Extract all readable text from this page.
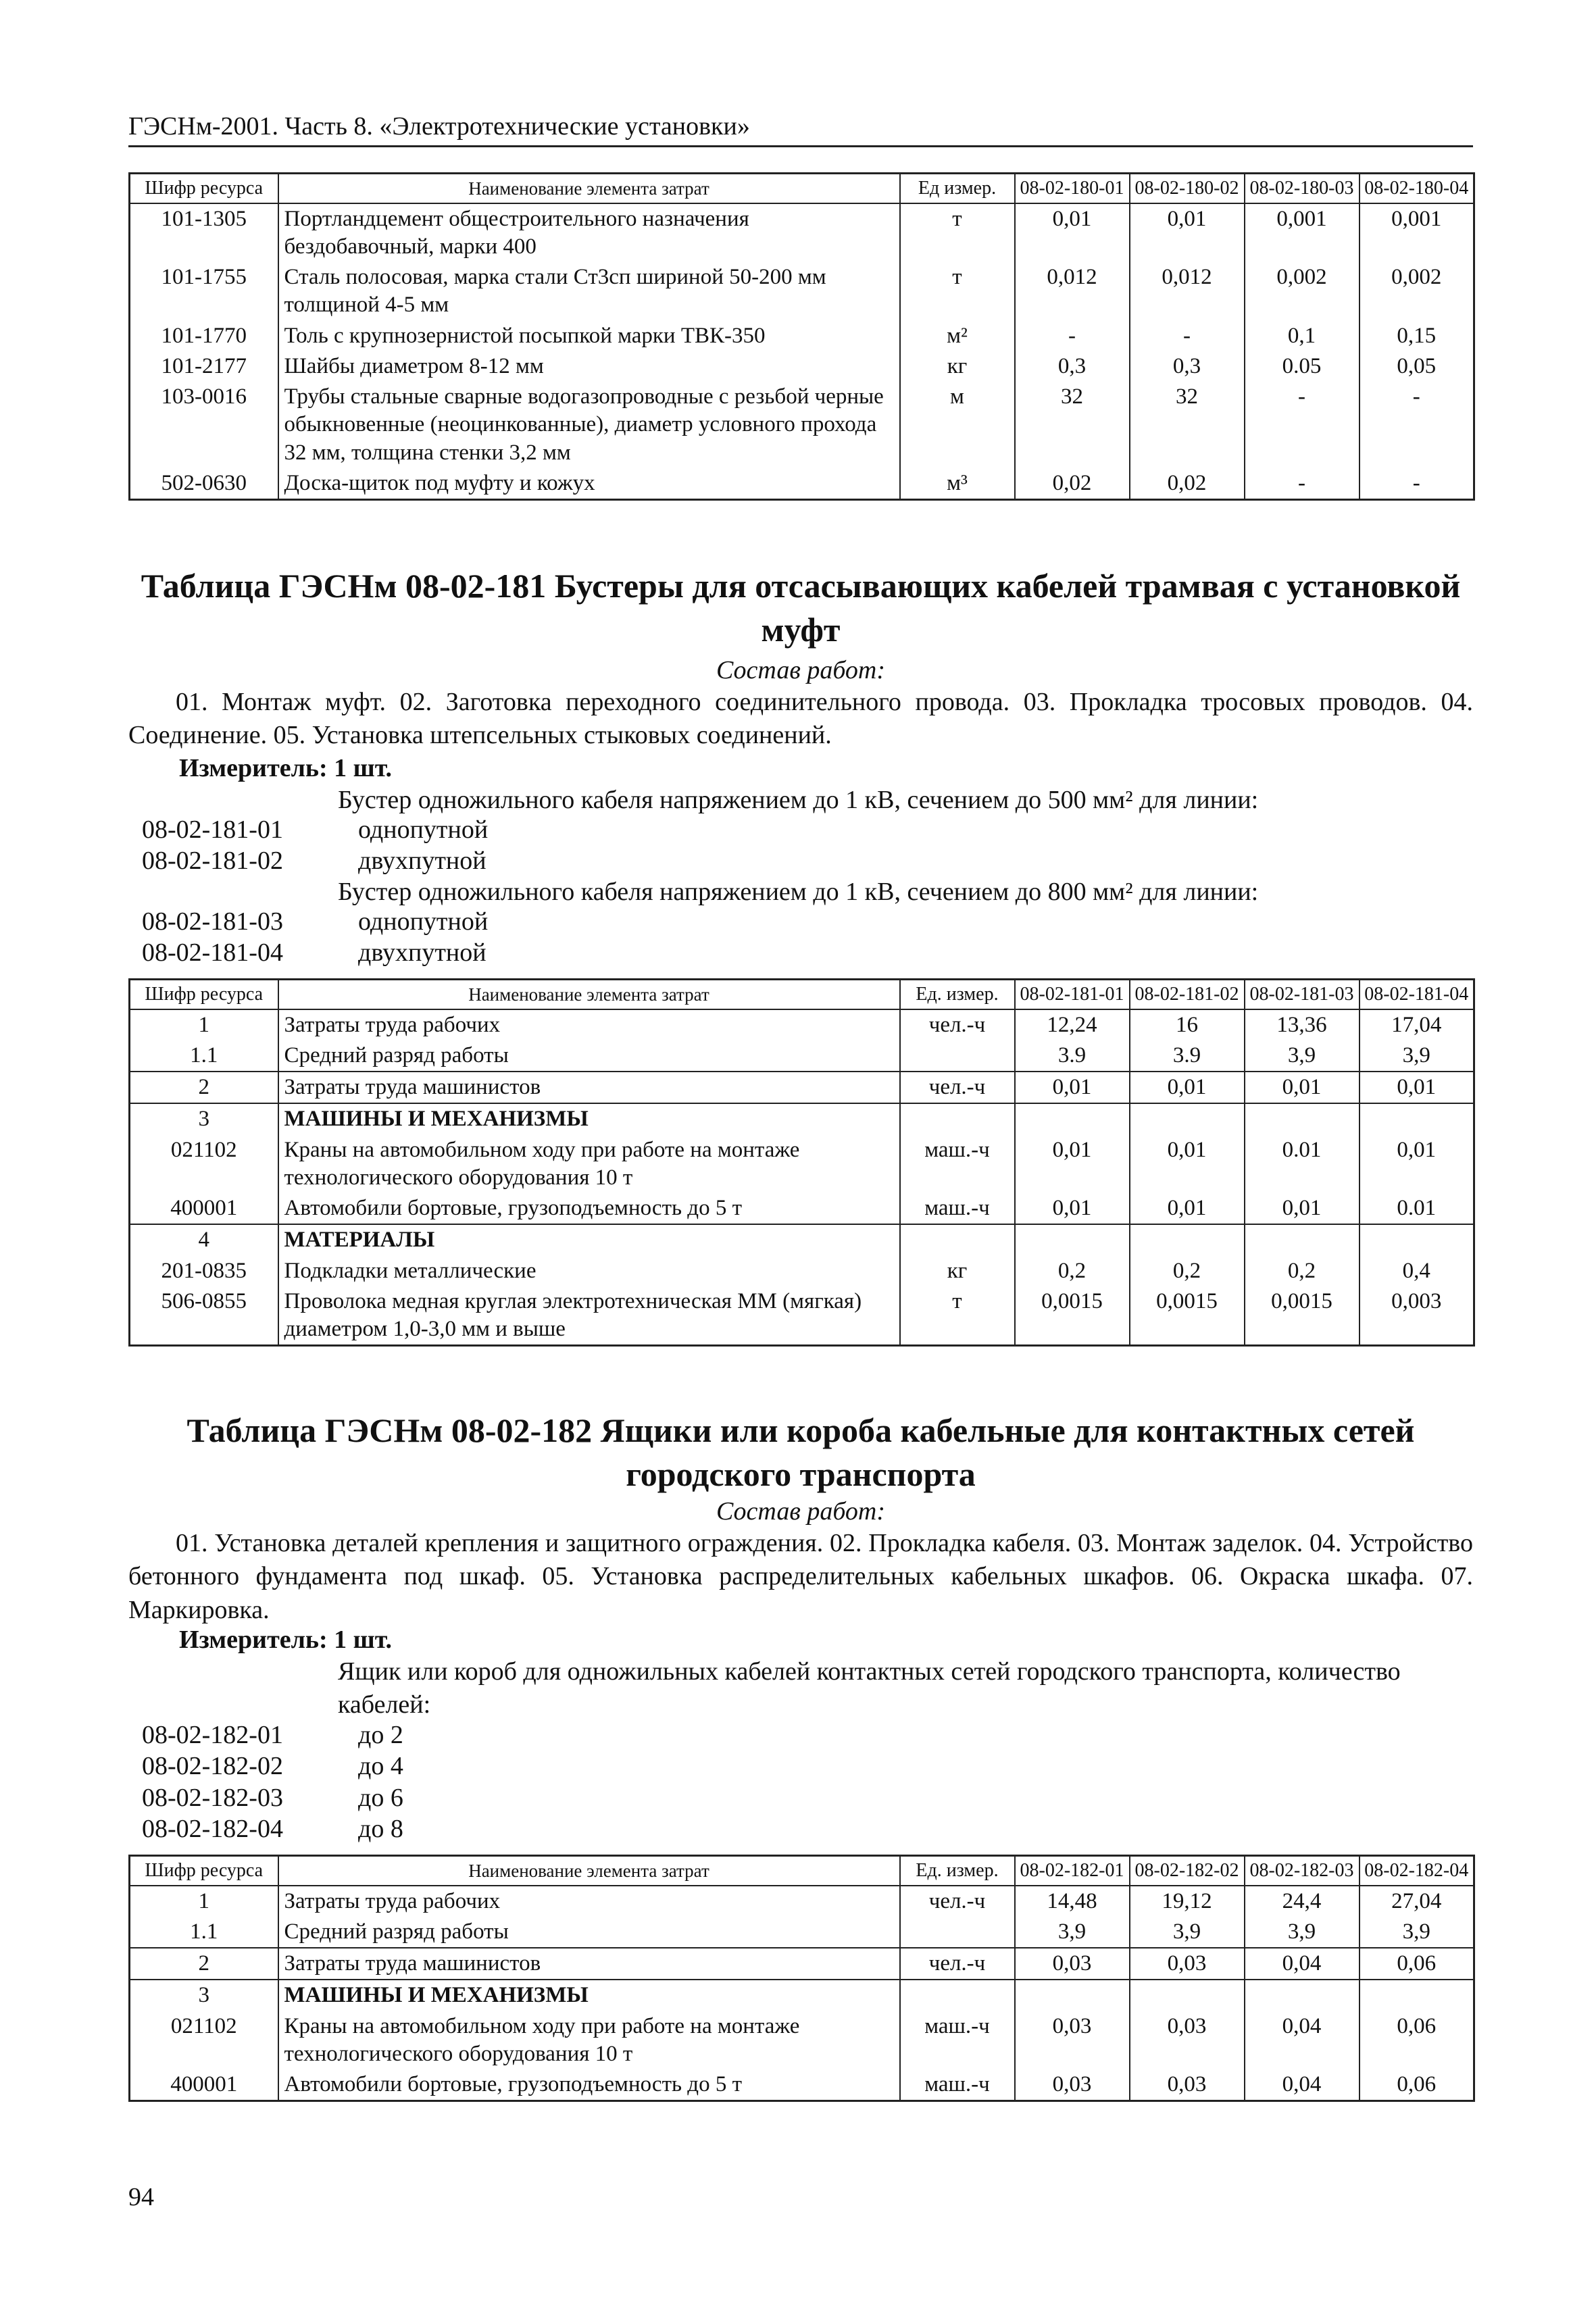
ГЭСНм-2001. Часть 8. «Электротехнические установки»
Шифр ресурса	Наименование элемента затрат	Ед измер.	08-02-180-01	08-02-180-02	08-02-180-03	08-02-180-04
101-1305	Портландцемент общестроительного назначения бездобавочный, марки 400	т	0,01	0,01	0,001	0,001
101-1755	Сталь полосовая, марка стали Ст3сп шириной 50-200 мм толщиной 4-5 мм	т	0,012	0,012	0,002	0,002
101-1770	Толь с крупнозернистой посыпкой марки ТВК-350	м²	-	-	0,1	0,15
101-2177	Шайбы диаметром 8-12 мм	кг	0,3	0,3	0.05	0,05
103-0016	Трубы стальные сварные водогазопроводные с резьбой черные обыкновенные (неоцинкованные), диаметр условного прохода 32 мм, толщина стенки 3,2 мм	м	32	32	-	-
502-0630	Доска-щиток под муфту и кожух	м³	0,02	0,02	-	-
Таблица ГЭСНм 08-02-181 Бустеры для отсасывающих кабелей трамвая с установкой
муфт
Состав работ:
01. Монтаж муфт. 02. Заготовка переходного соединительного провода. 03. Прокладка тросовых проводов. 04. Соединение. 05. Установка штепсельных стыковых соединений.
Измеритель: 1 шт.
Бустер одножильного кабеля напряжением до 1 кВ, сечением до 500 мм² для линии:
08-02-181-01	однопутной
08-02-181-02	двухпутной
Бустер одножильного кабеля напряжением до 1 кВ, сечением до 800 мм² для линии:
08-02-181-03	однопутной
08-02-181-04	двухпутной
Шифр ресурса	Наименование элемента затрат	Ед. измер.	08-02-181-01	08-02-181-02	08-02-181-03	08-02-181-04
1	Затраты труда рабочих	чел.-ч	12,24	16	13,36	17,04
1.1	Средний разряд работы		3.9	3.9	3,9	3,9
2	Затраты труда машинистов	чел.-ч	0,01	0,01	0,01	0,01
3	МАШИНЫ И МЕХАНИЗМЫ					
021102	Краны на автомобильном ходу при работе на монтаже технологического оборудования 10 т	маш.-ч	0,01	0,01	0.01	0,01
400001	Автомобили бортовые, грузоподъемность до 5 т	маш.-ч	0,01	0,01	0,01	0.01
4	МАТЕРИАЛЫ					
201-0835	Подкладки металлические	кг	0,2	0,2	0,2	0,4
506-0855	Проволока медная круглая электротехническая ММ (мягкая) диаметром 1,0-3,0 мм и выше	т	0,0015	0,0015	0,0015	0,003
Таблица ГЭСНм 08-02-182 Ящики или короба кабельные для контактных сетей
городского транспорта
Состав работ:
01. Установка деталей крепления и защитного ограждения. 02. Прокладка кабеля. 03. Монтаж заделок. 04. Устройство бетонного фундамента под шкаф. 05. Установка распределительных кабельных шкафов. 06. Окраска шкафа. 07. Маркировка.
Измеритель: 1 шт.
Ящик или короб для одножильных кабелей контактных сетей городского транспорта, количество кабелей:
08-02-182-01	до 2
08-02-182-02	до 4
08-02-182-03	до 6
08-02-182-04	до 8
Шифр ресурса	Наименование элемента затрат	Ед. измер.	08-02-182-01	08-02-182-02	08-02-182-03	08-02-182-04
1	Затраты труда рабочих	чел.-ч	14,48	19,12	24,4	27,04
1.1	Средний разряд работы		3,9	3,9	3,9	3,9
2	Затраты труда машинистов	чел.-ч	0,03	0,03	0,04	0,06
3	МАШИНЫ И МЕХАНИЗМЫ					
021102	Краны на автомобильном ходу при работе на монтаже технологического оборудования 10 т	маш.-ч	0,03	0,03	0,04	0,06
400001	Автомобили бортовые, грузоподъемность до 5 т	маш.-ч	0,03	0,03	0,04	0,06
94
